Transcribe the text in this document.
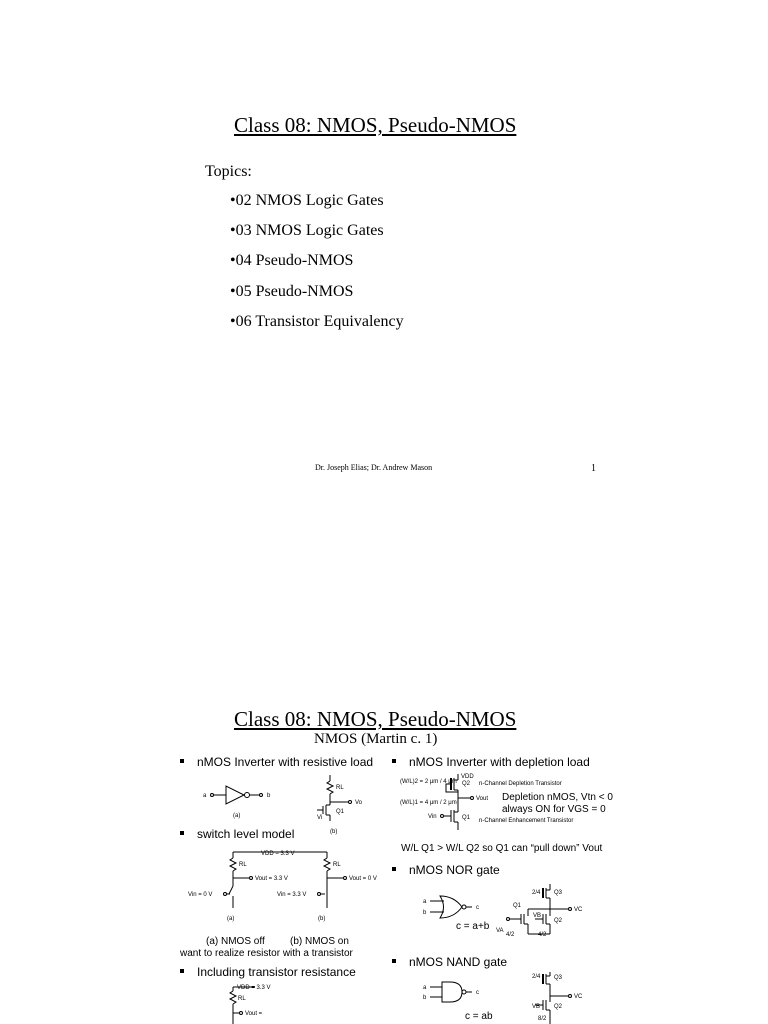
Class 08: NMOS, Pseudo-NMOS
Topics:
•02 NMOS Logic Gates
•03 NMOS Logic Gates
•04 Pseudo-NMOS
•05 Pseudo-NMOS
•06 Transistor Equivalency
Dr. Joseph Elias; Dr. Andrew Mason	1
Class 08: NMOS, Pseudo-NMOS
NMOS (Martin c. 1)
nMOS Inverter with resistive load
a	b
(a)
RL
Vo
Vi
Q1
(b)
switch level model
VDD = 3.3 V
RL
Vout = 3.3 V
Vin = 0 V
(a)
RL
Vout = 0 V
Vin = 3.3 V
(b)
(a) NMOS off	(b) NMOS on
want to realize resistor with a transistor
Including transistor resistance
VDD = 3.3 V
RL
Vout =
nMOS Inverter with depletion load
(W/L)2 = 2 μm / 4 μm
(W/L)1 = 4 μm / 2 μm
VDD
Q2 n-Channel Depletion Transistor
Vout
Vin	Q1 n-Channel Enhancement Transistor
Depletion nMOS, Vtn < 0
always ON for VGS = 0
W/L Q1 > W/L Q2 so Q1 can “pull down” Vout
nMOS NOR gate
a
b
c
2/4 Q3
VC
Q1
VA
4/2
VB
Q2
4/2
c = a+b
nMOS NAND gate
a
b
c
2/4 Q3
VC
VB Q2
8/2
c = ab
